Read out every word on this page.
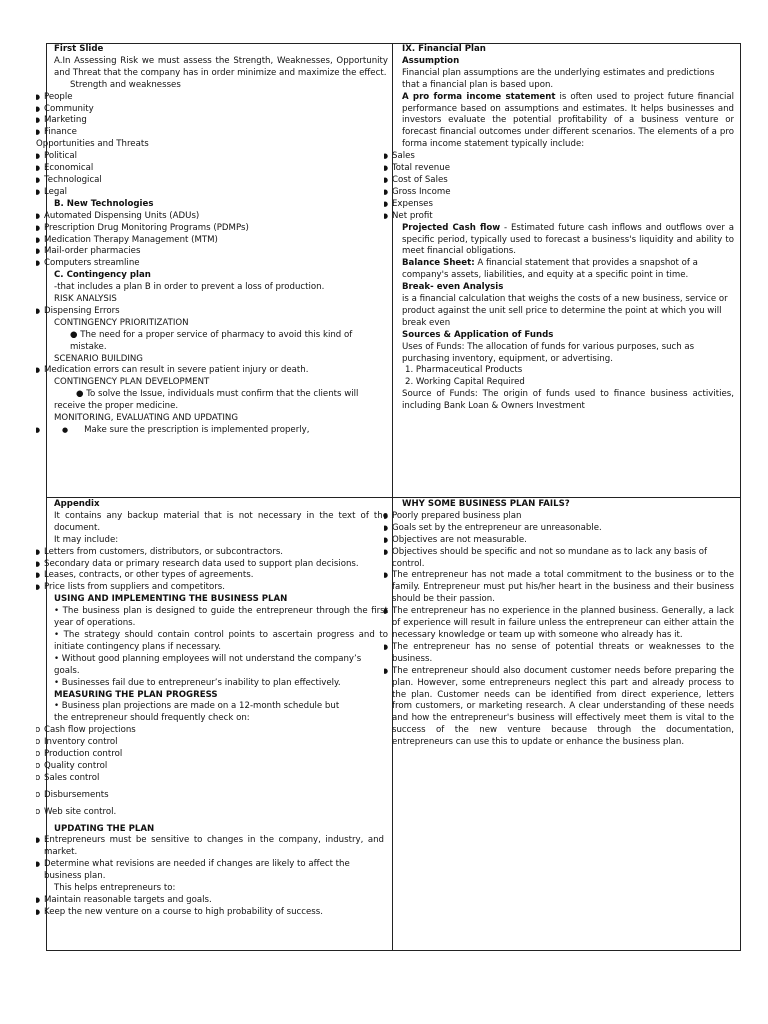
First Slide

A.In Assessing Risk we must assess the Strength, Weaknesses, Opportunity and Threat that the company has in order minimize and maximize the effect.

Strength and weaknesses

● People

● Community

● Marketing

● Finance

Opportunities and Threats

● Political

● Economical

● Technological

● Legal

B. New Technologies

● Automated Dispensing Units (ADUs)

● Prescription Drug Monitoring Programs (PDMPs)

● Medication Therapy Management (MTM)

● Mail-order pharmacies

● Computers streamline

C. Contingency plan

-that includes a plan B in order to prevent a loss of production.

RISK ANALYSIS

● Dispensing Errors

CONTINGENCY PRIORITIZATION

● The need for a proper service of pharmacy to avoid this kind of mistake.

SCENARIO BUILDING

● Medication errors can result in severe patient injury or death.

CONTINGENCY PLAN DEVELOPMENT

● To solve the Issue, individuals must confirm that the clients will receive the proper medicine.

MONITORING, EVALUATING AND UPDATING

● ● Make sure the prescription is implemented properly,

IX. Financial Plan

Assumption

Financial plan assumptions are the underlying estimates and predictions that a financial plan is based upon.

A pro forma income statement is often used to project future financial performance based on assumptions and estimates. It helps businesses and investors evaluate the potential profitability of a business venture or forecast financial outcomes under different scenarios. The elements of a pro forma income statement typically include:

● Sales

● Total revenue

● Cost of Sales

● Gross Income

● Expenses

● Net profit

Projected Cash flow - Estimated future cash inflows and outflows over a specific period, typically used to forecast a business's liquidity and ability to meet financial obligations.

Balance Sheet: A financial statement that provides a snapshot of a company's assets, liabilities, and equity at a specific point in time.

Break- even Analysis

is a financial calculation that weighs the costs of a new business, service or product against the unit sell price to determine the point at which you will break even

Sources & Application of Funds

Uses of Funds: The allocation of funds for various purposes, such as purchasing inventory, equipment, or advertising.

1. Pharmaceutical Products

2. Working Capital Required

Source of Funds: The origin of funds used to finance business activities, including Bank Loan & Owners Investment

Appendix

It contains any backup material that is not necessary in the text of the document.

It may include:

● Letters from customers, distributors, or subcontractors.

● Secondary data or primary research data used to support plan decisions.

● Leases, contracts, or other types of agreements.

● Price lists from suppliers and competitors.

USING AND IMPLEMENTING THE BUSINESS PLAN

• The business plan is designed to guide the entrepreneur through the first year of operations.

• The strategy should contain control points to ascertain progress and to initiate contingency plans if necessary.

• Without good planning employees will not understand the company’s goals.

• Businesses fail due to entrepreneur’s inability to plan effectively.

MEASURING THE PLAN PROGRESS

• Business plan projections are made on a 12-month schedule but the entrepreneur should frequently check on:

o Cash flow projections

o Inventory control

o Production control

o Quality control

o Sales control

o Disbursements

o Web site control.

UPDATING THE PLAN

● Entrepreneurs must be sensitive to changes in the company, industry, and market.

● Determine what revisions are needed if changes are likely to affect the business plan.

This helps entrepreneurs to:

● Maintain reasonable targets and goals.

● Keep the new venture on a course to high probability of success.

WHY SOME BUSINESS PLAN FAILS?

● Poorly prepared business plan

● Goals set by the entrepreneur are unreasonable.

● Objectives are not measurable.

● Objectives should be specific and not so mundane as to lack any basis of control.

● The entrepreneur has not made a total commitment to the business or to the family. Entrepreneur must put his/her heart in the business and their business should be their passion.

● The entrepreneur has no experience in the planned business. Generally, a lack of experience will result in failure unless the entrepreneur can either attain the necessary knowledge or team up with someone who already has it.

● The entrepreneur has no sense of potential threats or weaknesses to the business.

● The entrepreneur should also document customer needs before preparing the plan. However, some entrepreneurs neglect this part and already process to the plan. Customer needs can be identified from direct experience, letters from customers, or marketing research. A clear understanding of these needs and how the entrepreneur's business will effectively meet them is vital to the success of the new venture because through the documentation, entrepreneurs can use this to update or enhance the business plan.
